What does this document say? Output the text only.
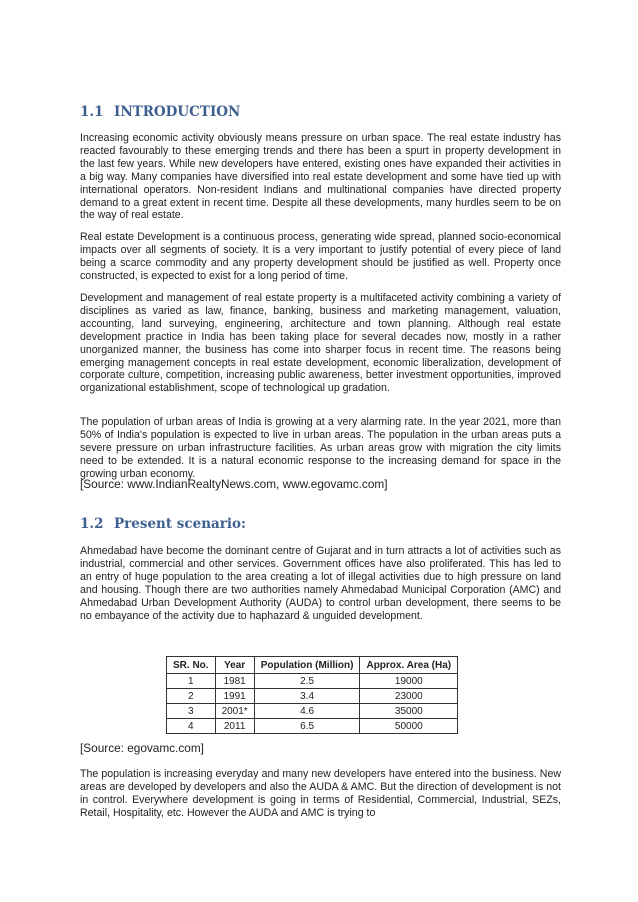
1.1 INTRODUCTION

Increasing economic activity obviously means pressure on urban space. The real estate industry has reacted favourably to these emerging trends and there has been a spurt in property development in the last few years. While new developers have entered, existing ones have expanded their activities in a big way. Many companies have diversified into real estate development and some have tied up with international operators. Non-resident Indians and multinational companies have directed property demand to a great extent in recent time. Despite all these developments, many hurdles seem to be on the way of real estate.

Real estate Development is a continuous process, generating wide spread, planned socio-economical impacts over all segments of society. It is a very important to justify potential of every piece of land being a scarce commodity and any property development should be justified as well. Property once constructed, is expected to exist for a long period of time.

Development and management of real estate property is a multifaceted activity combining a variety of disciplines as varied as law, finance, banking, business and marketing management, valuation, accounting, land surveying, engineering, architecture and town planning. Although real estate development practice in India has been taking place for several decades now, mostly in a rather unorganized manner, the business has come into sharper focus in recent time. The reasons being emerging management concepts in real estate development, economic liberalization, development of corporate culture, competition, increasing public awareness, better investment opportunities, improved organizational establishment, scope of technological up gradation.

The population of urban areas of India is growing at a very alarming rate. In the year 2021, more than 50% of India's population is expected to live in urban areas. The population in the urban areas puts a severe pressure on urban infrastructure facilities. As urban areas grow with migration the city limits need to be extended. It is a natural economic response to the increasing demand for space in the growing urban economy.

[Source: www.IndianRealtyNews.com, www.egovamc.com]

1.2 Present scenario:

Ahmedabad have become the dominant centre of Gujarat and in turn attracts a lot of activities such as industrial, commercial and other services. Government offices have also proliferated. This has led to an entry of huge population to the area creating a lot of illegal activities due to high pressure on land and housing. Though there are two authorities namely Ahmedabad Municipal Corporation (AMC) and Ahmedabad Urban Development Authority (AUDA) to control urban development, there seems to be no embayance of the activity due to haphazard & unguided development.

SR. No.	Year	Population (Million)	Approx. Area (Ha)
1	1981	2.5	19000
2	1991	3.4	23000
3	2001*	4.6	35000
4	2011	6.5	50000

[Source: egovamc.com]

The population is increasing everyday and many new developers have entered into the business. New areas are developed by developers and also the AUDA & AMC. But the direction of development is not in control. Everywhere development is going in terms of Residential, Commercial, Industrial, SEZs, Retail, Hospitality, etc. However the AUDA and AMC is trying to
